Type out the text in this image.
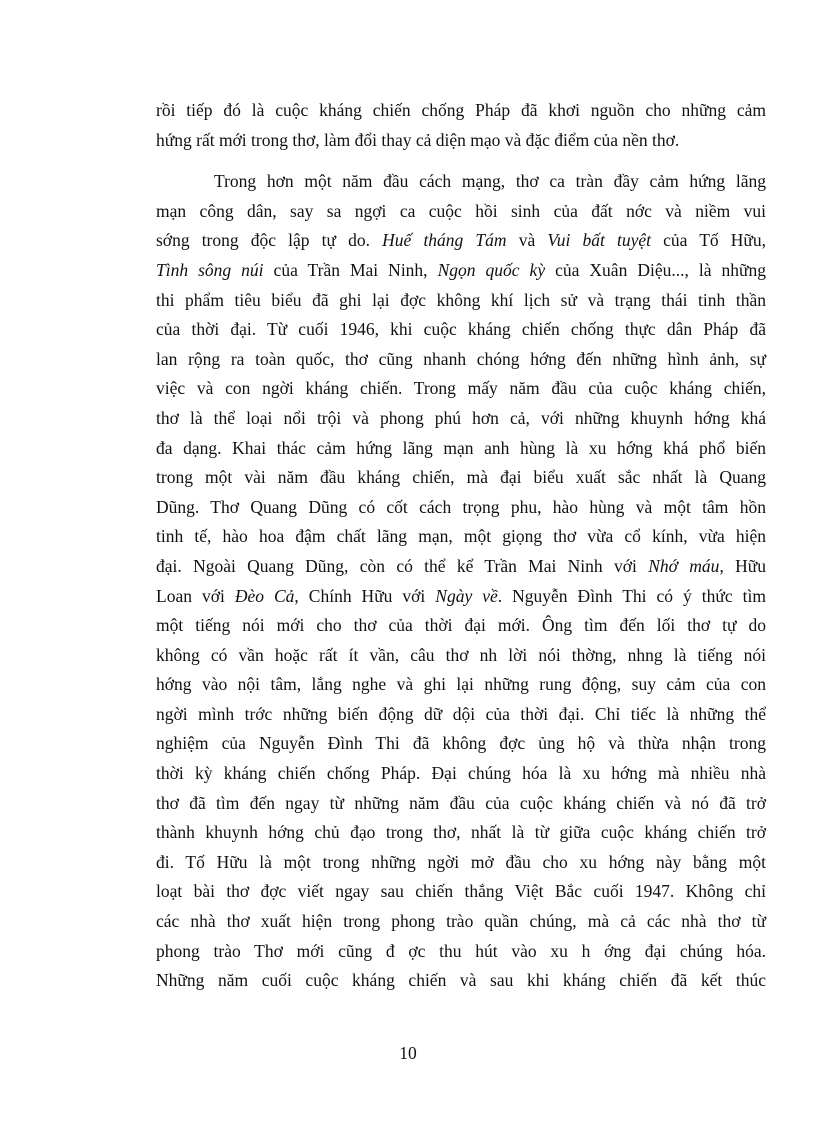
rồi tiếp đó là cuộc kháng chiến chống Pháp đã khơi nguồn cho những cảm
hứng rất mới trong thơ, làm đổi thay cả diện mạo và đặc điểm của nền thơ.
Trong hơn một năm đầu cách mạng, thơ ca tràn đầy cảm hứng lãng
mạn công dân, say sa ngợi ca cuộc hồi sinh của đất nớc và niềm vui
sớng trong độc lập tự do. Huế tháng Tám và Vui bất tuyệt của Tố Hữu,
Tình sông núi của Trần Mai Ninh, Ngọn quốc kỳ của Xuân Diệu..., là những
thi phẩm tiêu biểu đã ghi lại đợc không khí lịch sử và trạng thái tinh thần
của thời đại. Từ cuối 1946, khi cuộc kháng chiến chống thực dân Pháp đã
lan rộng ra toàn quốc, thơ cũng nhanh chóng hớng đến những hình ảnh, sự
việc và con ngời kháng chiến. Trong mấy năm đầu của cuộc kháng chiến,
thơ là thể loại nổi trội và phong phú hơn cả, với những khuynh hớng khá
đa dạng. Khai thác cảm hứng lãng mạn anh hùng là xu hớng khá phổ biến
trong một vài năm đầu kháng chiến, mà đại biểu xuất sắc nhất là Quang
Dũng. Thơ Quang Dũng có cốt cách trọng phu, hào hùng và một tâm hồn
tinh tế, hào hoa đậm chất lãng mạn, một giọng thơ vừa cổ kính, vừa hiện
đại. Ngoài Quang Dũng, còn có thể kể Trần Mai Ninh với Nhớ máu, Hữu
Loan với Đèo Cả, Chính Hữu với Ngày về. Nguyễn Đình Thi có ý thức tìm
một tiếng nói mới cho thơ của thời đại mới. Ông tìm đến lối thơ tự do
không có vần hoặc rất ít vần, câu thơ nh lời nói thờng, nhng là tiếng nói
hớng vào nội tâm, lắng nghe và ghi lại những rung động, suy cảm của con
ngời mình trớc những biến động dữ dội của thời đại. Chỉ tiếc là những thể
nghiệm của Nguyễn Đình Thi đã không đợc ủng hộ và thừa nhận trong
thời kỳ kháng chiến chống Pháp. Đại chúng hóa là xu hớng mà nhiều nhà
thơ đã tìm đến ngay từ những năm đầu của cuộc kháng chiến và nó đã trở
thành khuynh hớng chủ đạo trong thơ, nhất là từ giữa cuộc kháng chiến trở
đi. Tố Hữu là một trong những ngời mở đầu cho xu hớng này bằng một
loạt bài thơ đợc viết ngay sau chiến thắng Việt Bắc cuối 1947. Không chỉ
các nhà thơ xuất hiện trong phong trào quần chúng, mà cả các nhà thơ từ
phong trào Thơ mới cũng đ ợc thu hút vào xu h ớng đại chúng hóa.
Những năm cuối cuộc kháng chiến và sau khi kháng chiến đã kết thúc
10
